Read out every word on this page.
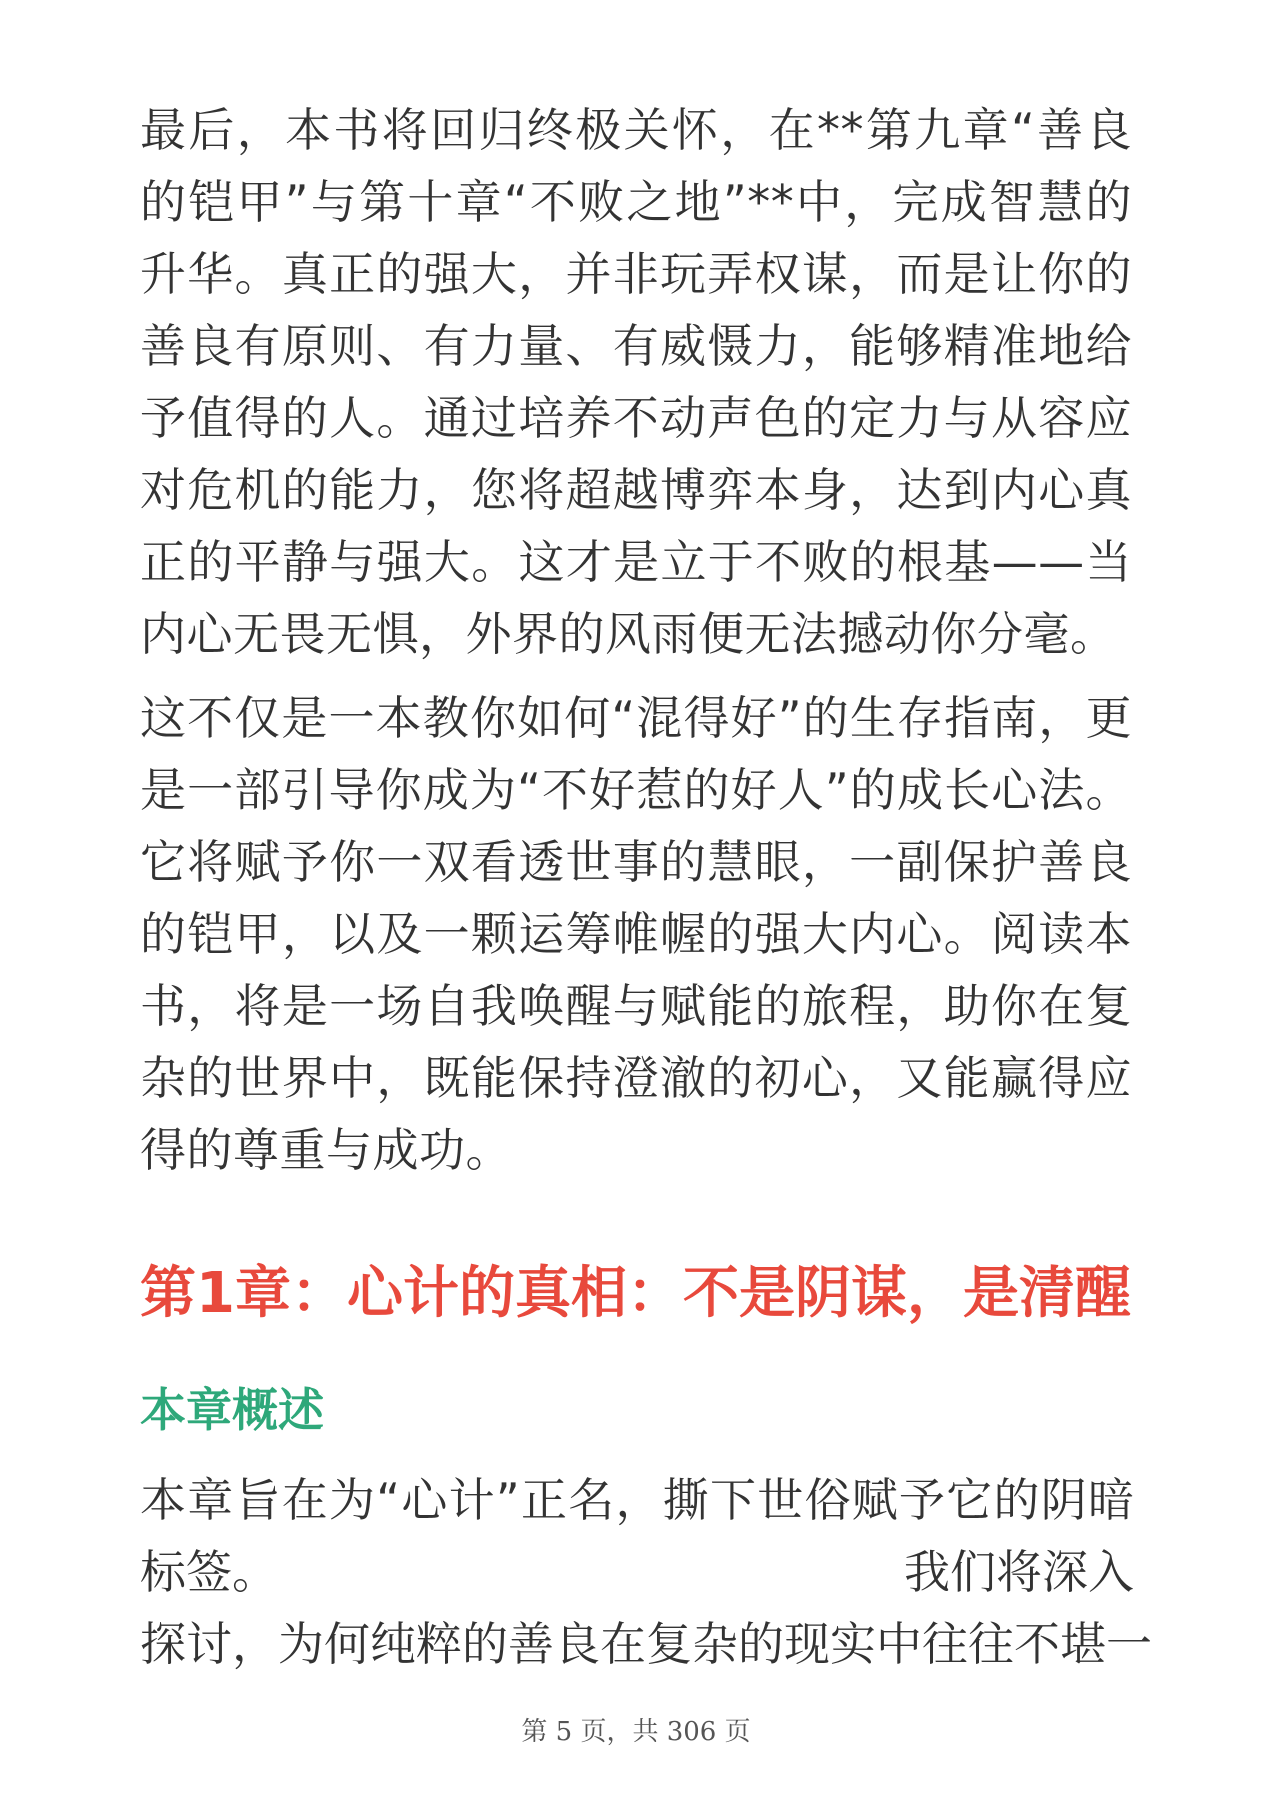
最后，本书将回归终极关怀，在**第九章“善良的铠甲”与第十章“不败之地”**中，完成智慧的升华。真正的强大，并非玩弄权谋，而是让你的善良有原则、有力量、有威慑力，能够精准地给予值得的人。通过培养不动声色的定力与从容应对危机的能力，您将超越博弈本身，达到内心真正的平静与强大。这才是立于不败的根基——当内心无畏无惧，外界的风雨便无法撼动你分毫。

这不仅是一本教你如何“混得好”的生存指南，更是一部引导你成为“不好惹的好人”的成长心法。它将赋予你一双看透世事的慧眼，一副保护善良的铠甲，以及一颗运筹帷幄的强大内心。阅读本书，将是一场自我唤醒与赋能的旅程，助你在复杂的世界中，既能保持澄澈的初心，又能赢得应得的尊重与成功。

第1章：心计的真相：不是阴谋，是清醒
本章概述
本章旨在为“心计”正名，撕下世俗赋予它的阴暗
标签。	我们将深入
探讨，为何纯粹的善良在复杂的现实中往往不堪一
第 5 页，共 306 页
